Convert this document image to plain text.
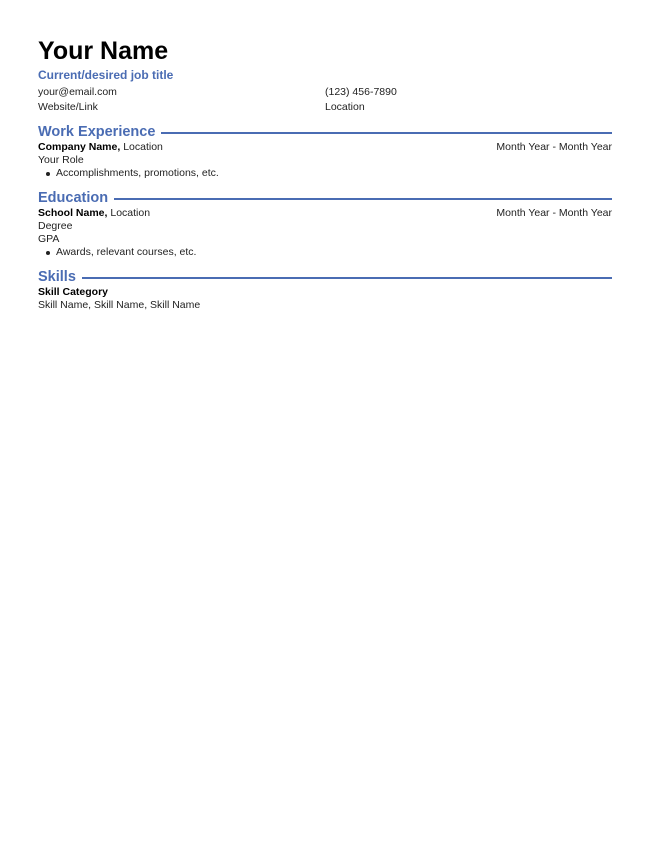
Your Name
Current/desired job title
your@email.com	(123) 456-7890
Website/Link	Location
Work Experience
Company Name, Location	Month Year - Month Year
Your Role
Accomplishments, promotions, etc.
Education
School Name, Location	Month Year - Month Year
Degree
GPA
Awards, relevant courses, etc.
Skills
Skill Category
Skill Name, Skill Name, Skill Name
